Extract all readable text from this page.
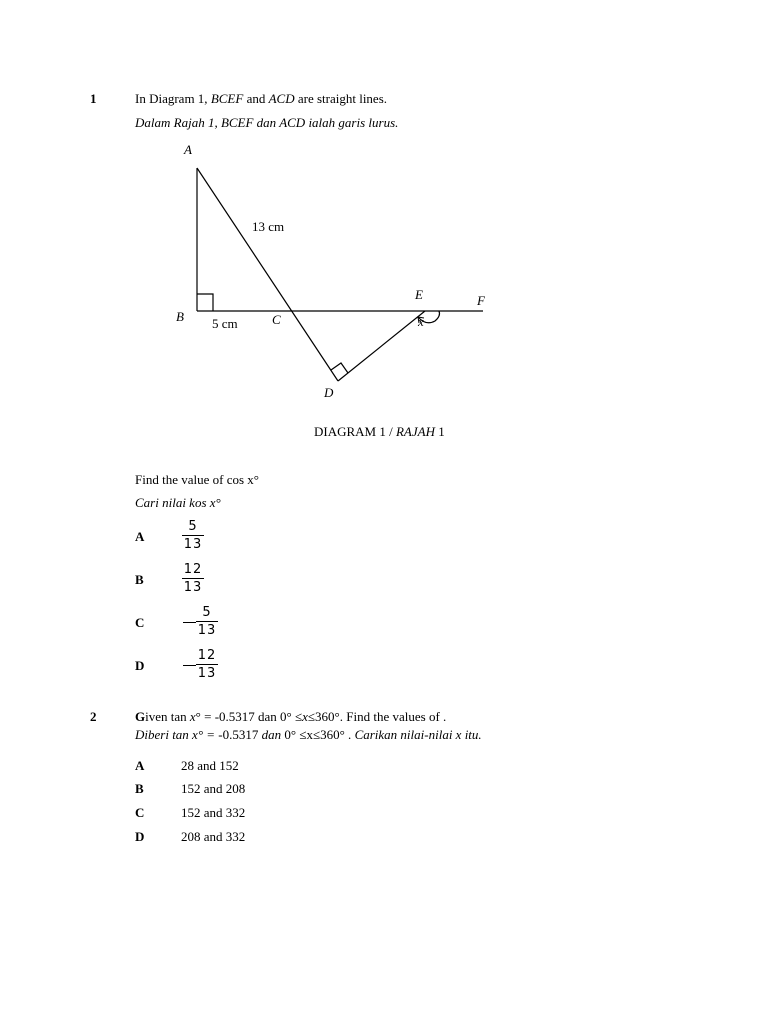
1	In Diagram 1, BCEF and ACD are straight lines.
Dalam Rajah 1, BCEF dan ACD ialah garis lurus.
A
B	C
D
E	F
x
13 cm
5 cm
DIAGRAM 1 / RAJAH 1
Find the value of cos x°
Cari nilai kos x°
A
5
13
B
12
13
C
5
13
D
12
13
2	Given tan x° = -0.5317 dan 0° ≤x≤360°. Find the values of .
Diberi tan x° = -0.5317 dan 0° ≤x≤360° . Carikan nilai-nilai x itu.
A	28 and 152
B	152 and 208
C	152 and 332
D	208 and 332
